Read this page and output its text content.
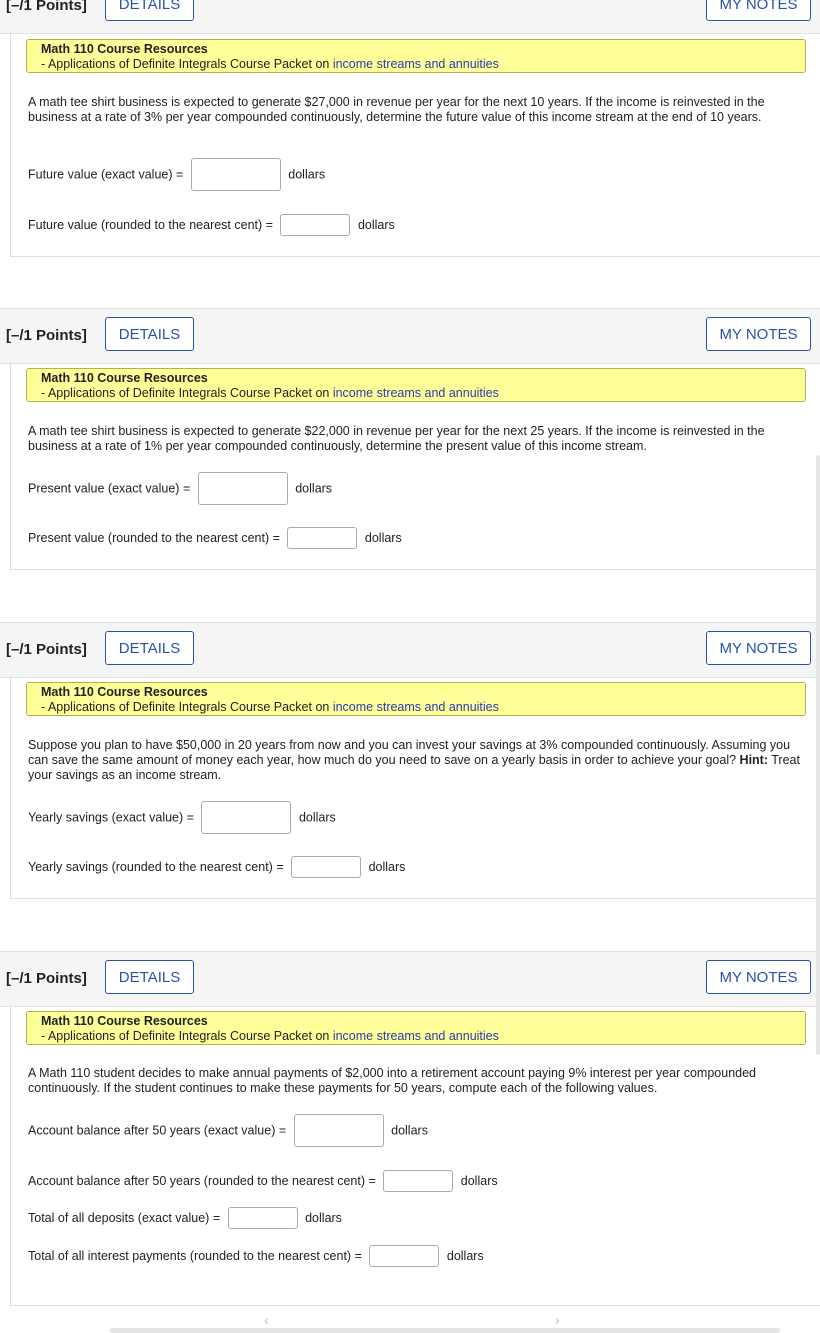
[–/1 Points]	DETAILS	MY NOTES
Math 110 Course Resources
- Applications of Definite Integrals Course Packet on income streams and annuities
A math tee shirt business is expected to generate $27,000 in revenue per year for the next 10 years. If the income is reinvested in the business at a rate of 3% per year compounded continuously, determine the future value of this income stream at the end of 10 years.
Future value (exact value) =	dollars
Future value (rounded to the nearest cent) =	dollars
[–/1 Points]	DETAILS	MY NOTES
Math 110 Course Resources
- Applications of Definite Integrals Course Packet on income streams and annuities
A math tee shirt business is expected to generate $22,000 in revenue per year for the next 25 years. If the income is reinvested in the business at a rate of 1% per year compounded continuously, determine the present value of this income stream.
Present value (exact value) =	dollars
Present value (rounded to the nearest cent) =	dollars
[–/1 Points]	DETAILS	MY NOTES
Math 110 Course Resources
- Applications of Definite Integrals Course Packet on income streams and annuities
Suppose you plan to have $50,000 in 20 years from now and you can invest your savings at 3% compounded continuously. Assuming you can save the same amount of money each year, how much do you need to save on a yearly basis in order to achieve your goal? Hint: Treat your savings as an income stream.
Yearly savings (exact value) =	dollars
Yearly savings (rounded to the nearest cent) =	dollars
[–/1 Points]	DETAILS	MY NOTES
Math 110 Course Resources
- Applications of Definite Integrals Course Packet on income streams and annuities
A Math 110 student decides to make annual payments of $2,000 into a retirement account paying 9% interest per year compounded continuously. If the student continues to make these payments for 50 years, compute each of the following values.
Account balance after 50 years (exact value) =	dollars
Account balance after 50 years (rounded to the nearest cent) =	dollars
Total of all deposits (exact value) =	dollars
Total of all interest payments (rounded to the nearest cent) =	dollars
‹	›
